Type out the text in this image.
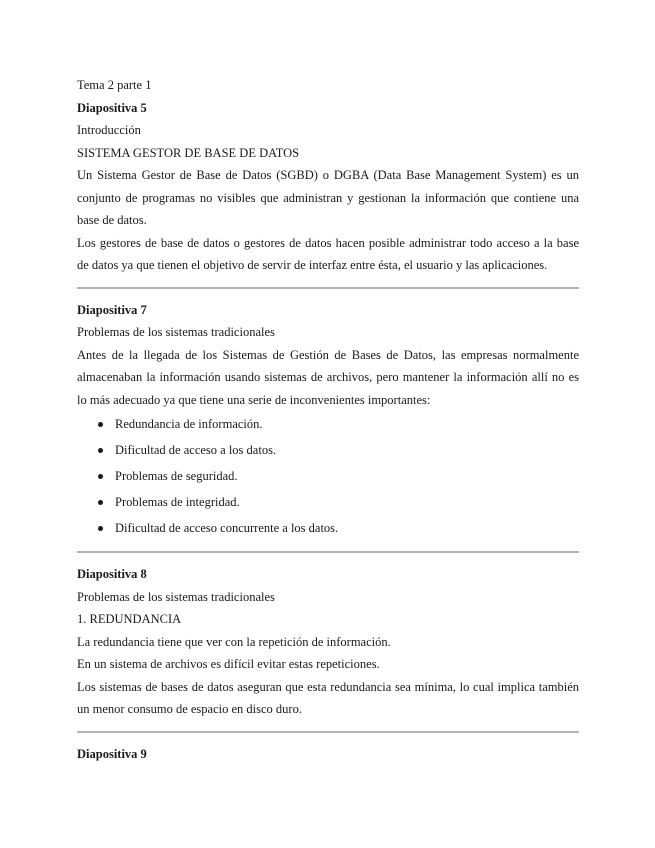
Tema 2 parte 1
Diapositiva 5
Introducción
SISTEMA GESTOR DE BASE DE DATOS
Un Sistema Gestor de Base de Datos (SGBD) o DGBA (Data Base Management System) es un
conjunto de programas no visibles que administran y gestionan la información que contiene una
base de datos.
Los gestores de base de datos o gestores de datos hacen posible administrar todo acceso a la base
de datos ya que tienen el objetivo de servir de interfaz entre ésta, el usuario y las aplicaciones.
Diapositiva 7
Problemas de los sistemas tradicionales
Antes de la llegada de los Sistemas de Gestión de Bases de Datos, las empresas normalmente
almacenaban la información usando sistemas de archivos, pero mantener la información allí no es
lo más adecuado ya que tiene una serie de inconvenientes importantes:
Redundancia de información.
Dificultad de acceso a los datos.
Problemas de seguridad.
Problemas de integridad.
Dificultad de acceso concurrente a los datos.
Diapositiva 8
Problemas de los sistemas tradicionales
1. REDUNDANCIA
La redundancia tiene que ver con la repetición de información.
En un sistema de archivos es difícil evitar estas repeticiones.
Los sistemas de bases de datos aseguran que esta redundancia sea mínima, lo cual implica también
un menor consumo de espacio en disco duro.
Diapositiva 9
